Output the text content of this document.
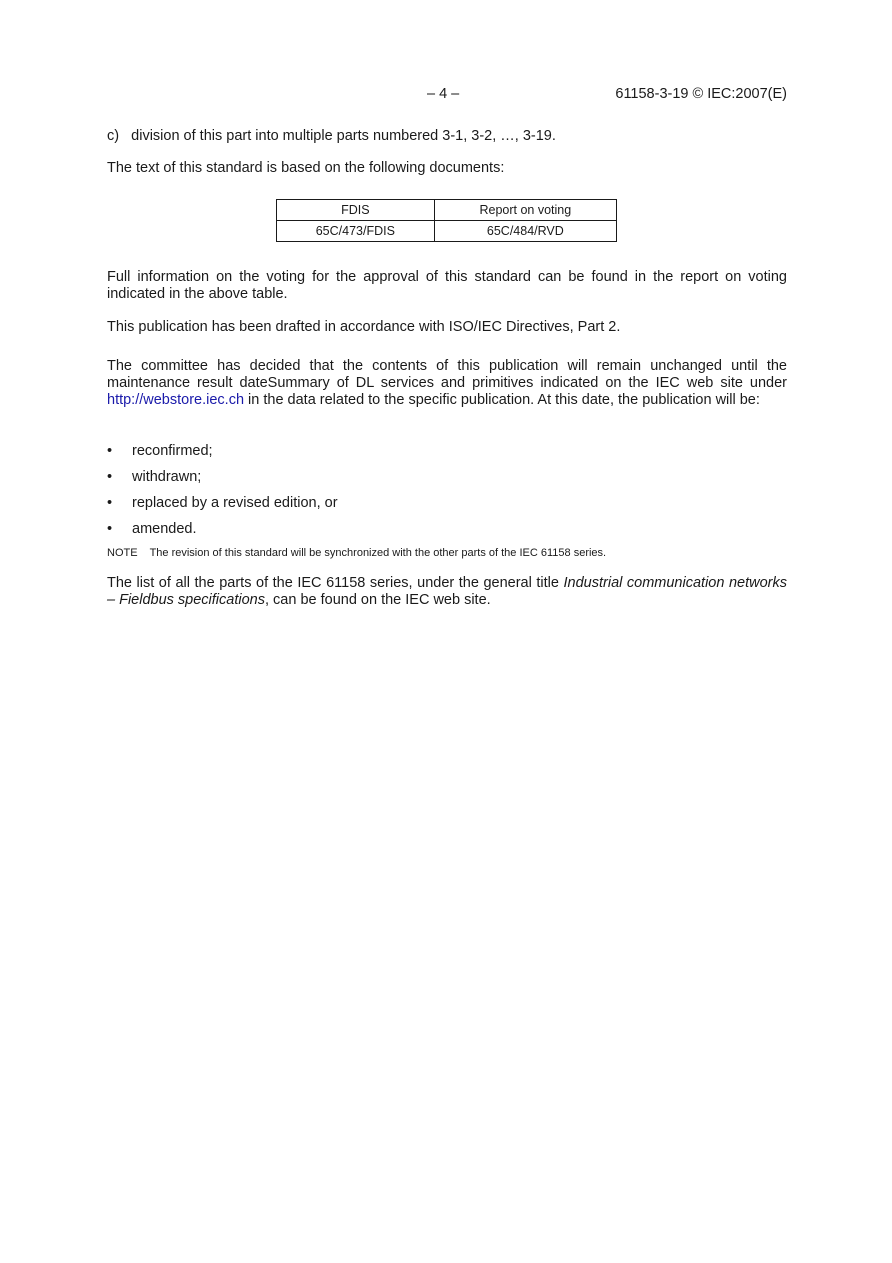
– 4 –	61158-3-19 © IEC:2007(E)

c)   division of this part into multiple parts numbered 3-1, 3-2, …, 3-19.

The text of this standard is based on the following documents:

FDIS	Report on voting
65C/473/FDIS	65C/484/RVD

Full information on the voting for the approval of this standard can be found in the report on voting indicated in the above table.

This publication has been drafted in accordance with ISO/IEC Directives, Part 2.

The committee has decided that the contents of this publication will remain unchanged until the maintenance result dateSummary of DL services and primitives indicated on the IEC web site under http://webstore.iec.ch in the data related to the specific publication. At this date, the publication will be:

• reconfirmed;
• withdrawn;
• replaced by a revised edition, or
• amended.

NOTE The revision of this standard will be synchronized with the other parts of the IEC 61158 series.

The list of all the parts of the IEC 61158 series, under the general title Industrial communication networks – Fieldbus specifications, can be found on the IEC web site.
